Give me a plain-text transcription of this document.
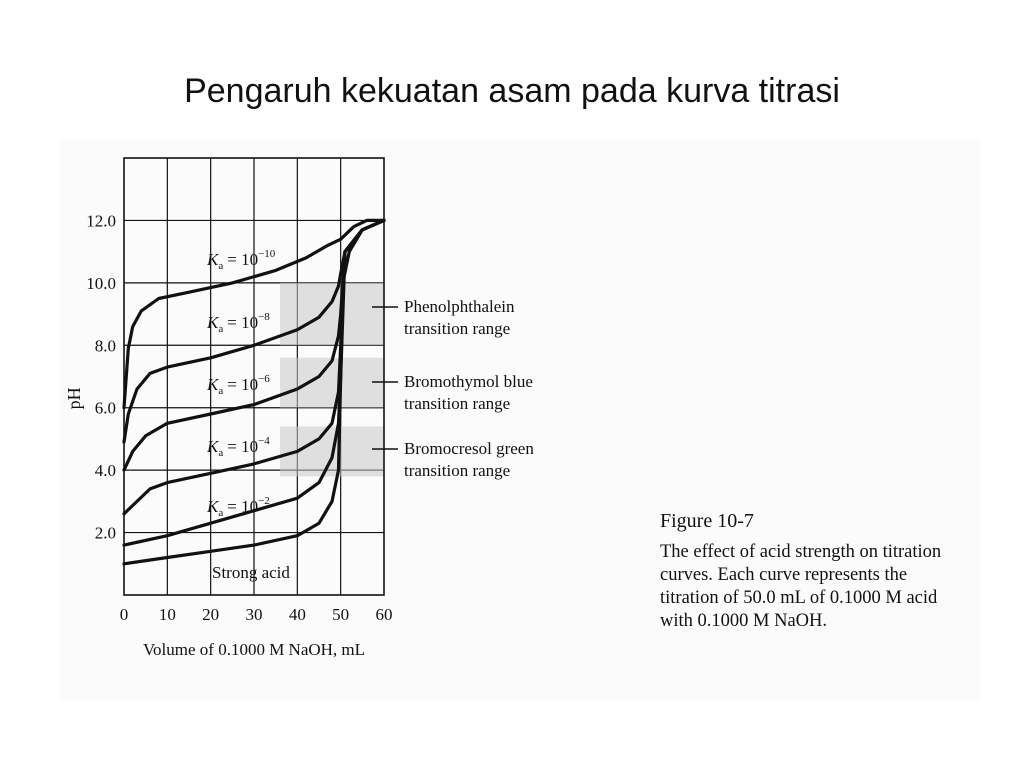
Pengaruh kekuatan asam pada kurva titrasi
$K_a = 10^{-10}$
$K_a = 10^{-8}$
$K_a = 10^{-6}$
$K_a = 10^{-4}$
$K_a = 10^{-2}$
Strong acid
0 10 20 30 40 50 60
2.0
4.0
6.0
8.0
10.0
12.0
Volume of 0.1000 M NaOH, mL
pH
Phenolphthalein
transition range
Bromothymol blue
transition range
Bromocresol green
transition range
Figure 10-7
The effect of acid strength on titration curves. Each curve represents the titration of 50.0 mL of 0.1000 M acid with 0.1000 M NaOH.
